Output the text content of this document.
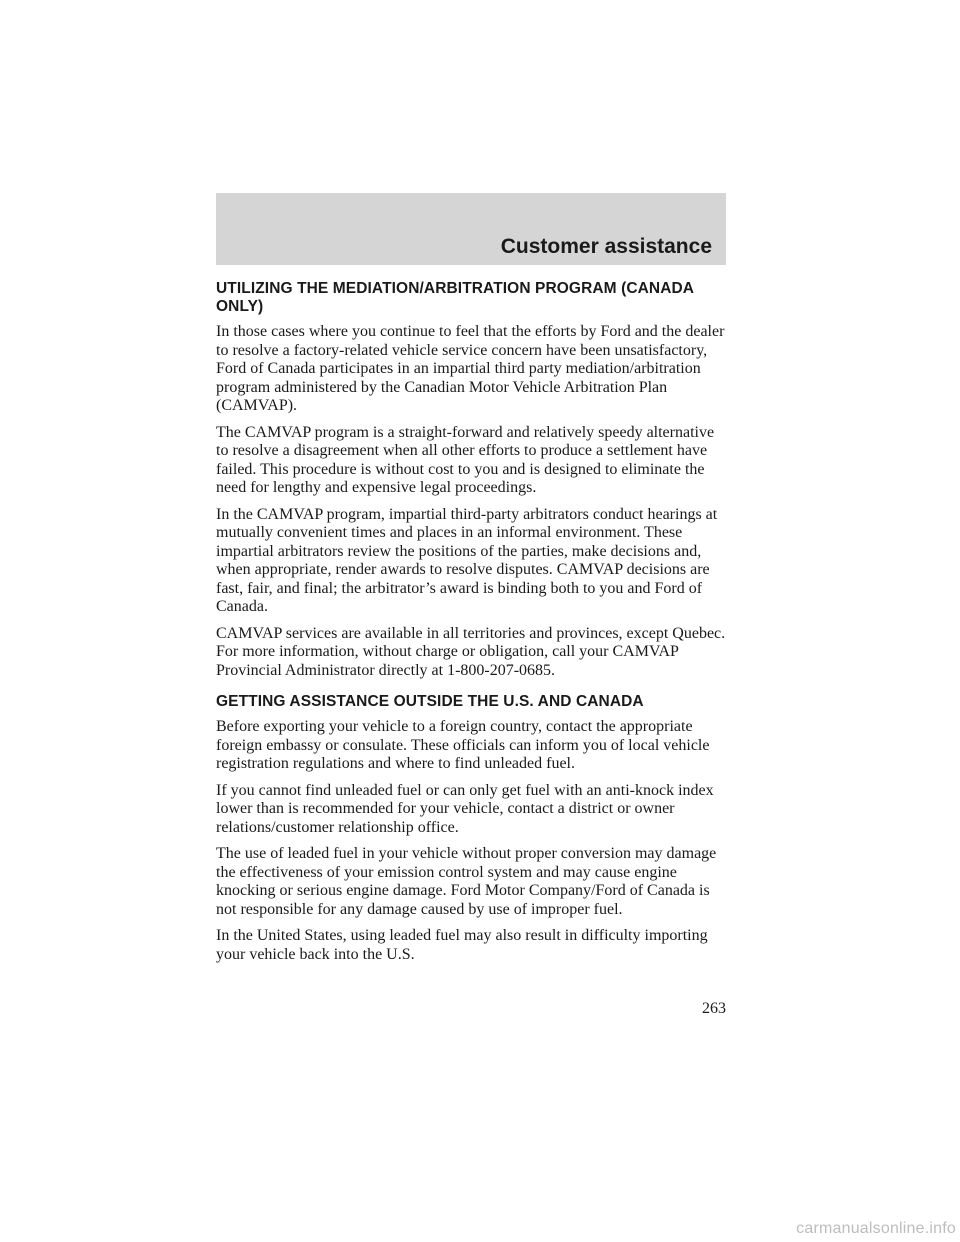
Customer assistance
UTILIZING THE MEDIATION/ARBITRATION PROGRAM (CANADA ONLY)

In those cases where you continue to feel that the efforts by Ford and the dealer to resolve a factory-related vehicle service concern have been unsatisfactory, Ford of Canada participates in an impartial third party mediation/arbitration program administered by the Canadian Motor Vehicle Arbitration Plan (CAMVAP).

The CAMVAP program is a straight-forward and relatively speedy alternative to resolve a disagreement when all other efforts to produce a settlement have failed. This procedure is without cost to you and is designed to eliminate the need for lengthy and expensive legal proceedings.

In the CAMVAP program, impartial third-party arbitrators conduct hearings at mutually convenient times and places in an informal environment. These impartial arbitrators review the positions of the parties, make decisions and, when appropriate, render awards to resolve disputes. CAMVAP decisions are fast, fair, and final; the arbitrator’s award is binding both to you and Ford of Canada.

CAMVAP services are available in all territories and provinces, except Quebec. For more information, without charge or obligation, call your CAMVAP Provincial Administrator directly at 1-800-207-0685.

GETTING ASSISTANCE OUTSIDE THE U.S. AND CANADA

Before exporting your vehicle to a foreign country, contact the appropriate foreign embassy or consulate. These officials can inform you of local vehicle registration regulations and where to find unleaded fuel.

If you cannot find unleaded fuel or can only get fuel with an anti-knock index lower than is recommended for your vehicle, contact a district or owner relations/customer relationship office.

The use of leaded fuel in your vehicle without proper conversion may damage the effectiveness of your emission control system and may cause engine knocking or serious engine damage. Ford Motor Company/Ford of Canada is not responsible for any damage caused by use of improper fuel.

In the United States, using leaded fuel may also result in difficulty importing your vehicle back into the U.S.

263
carmanualsonline.info
